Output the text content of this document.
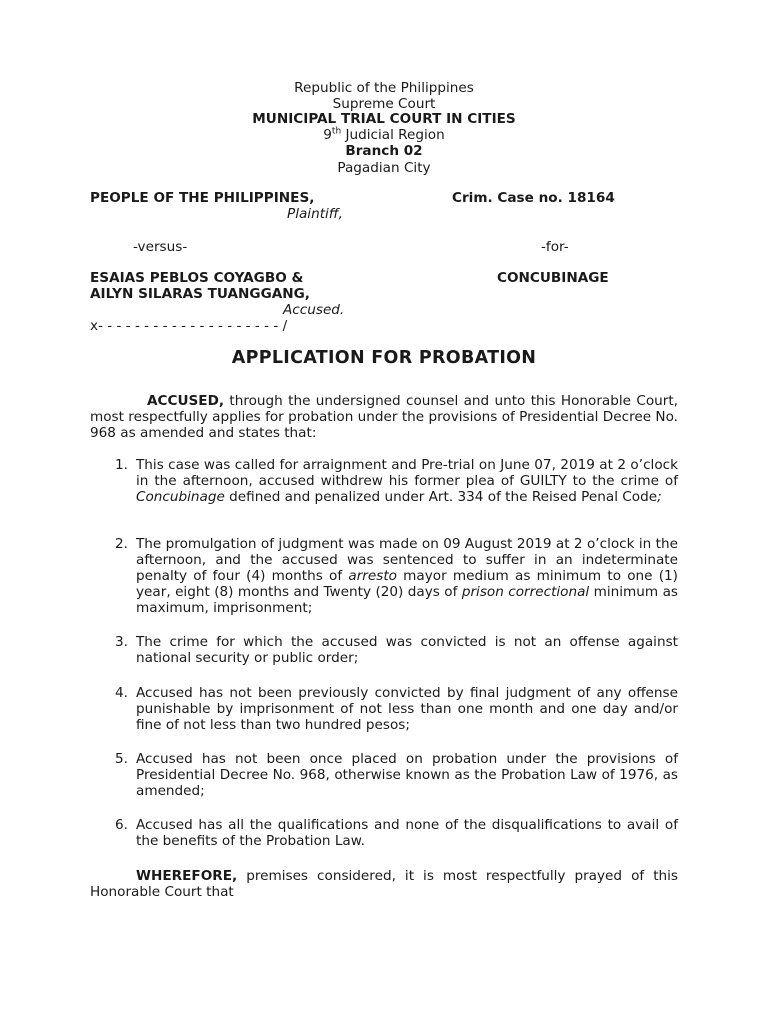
Republic of the Philippines
Supreme Court
MUNICIPAL TRIAL COURT IN CITIES
9th Judicial Region
Branch 02
Pagadian City
PEOPLE OF THE PHILIPPINES,
Plaintiff,
Crim. Case no. 18164
-versus-	-for-
ESAIAS PEBLOS COYAGBO &
AILYN SILARAS TUANGGANG,
Accused.
CONCUBINAGE
x- - - - - - - - - - - - - - - - - - - - /
APPLICATION FOR PROBATION
ACCUSED, through the undersigned counsel and unto this Honorable Court, most respectfully applies for probation under the provisions of Presidential Decree No. 968 as amended and states that:
1. This case was called for arraignment and Pre-trial on June 07, 2019 at 2 o’clock in the afternoon, accused withdrew his former plea of GUILTY to the crime of Concubinage defined and penalized under Art. 334 of the Reised Penal Code;
2. The promulgation of judgment was made on 09 August 2019 at 2 o’clock in the afternoon, and the accused was sentenced to suffer in an indeterminate penalty of four (4) months of arresto mayor medium as minimum to one (1) year, eight (8) months and Twenty (20) days of prison correctional minimum as maximum, imprisonment;
3. The crime for which the accused was convicted is not an offense against national security or public order;
4. Accused has not been previously convicted by final judgment of any offense punishable by imprisonment of not less than one month and one day and/or fine of not less than two hundred pesos;
5. Accused has not been once placed on probation under the provisions of Presidential Decree No. 968, otherwise known as the Probation Law of 1976, as amended;
6. Accused has all the qualifications and none of the disqualifications to avail of the benefits of the Probation Law.
WHEREFORE, premises considered, it is most respectfully prayed of this Honorable Court that
